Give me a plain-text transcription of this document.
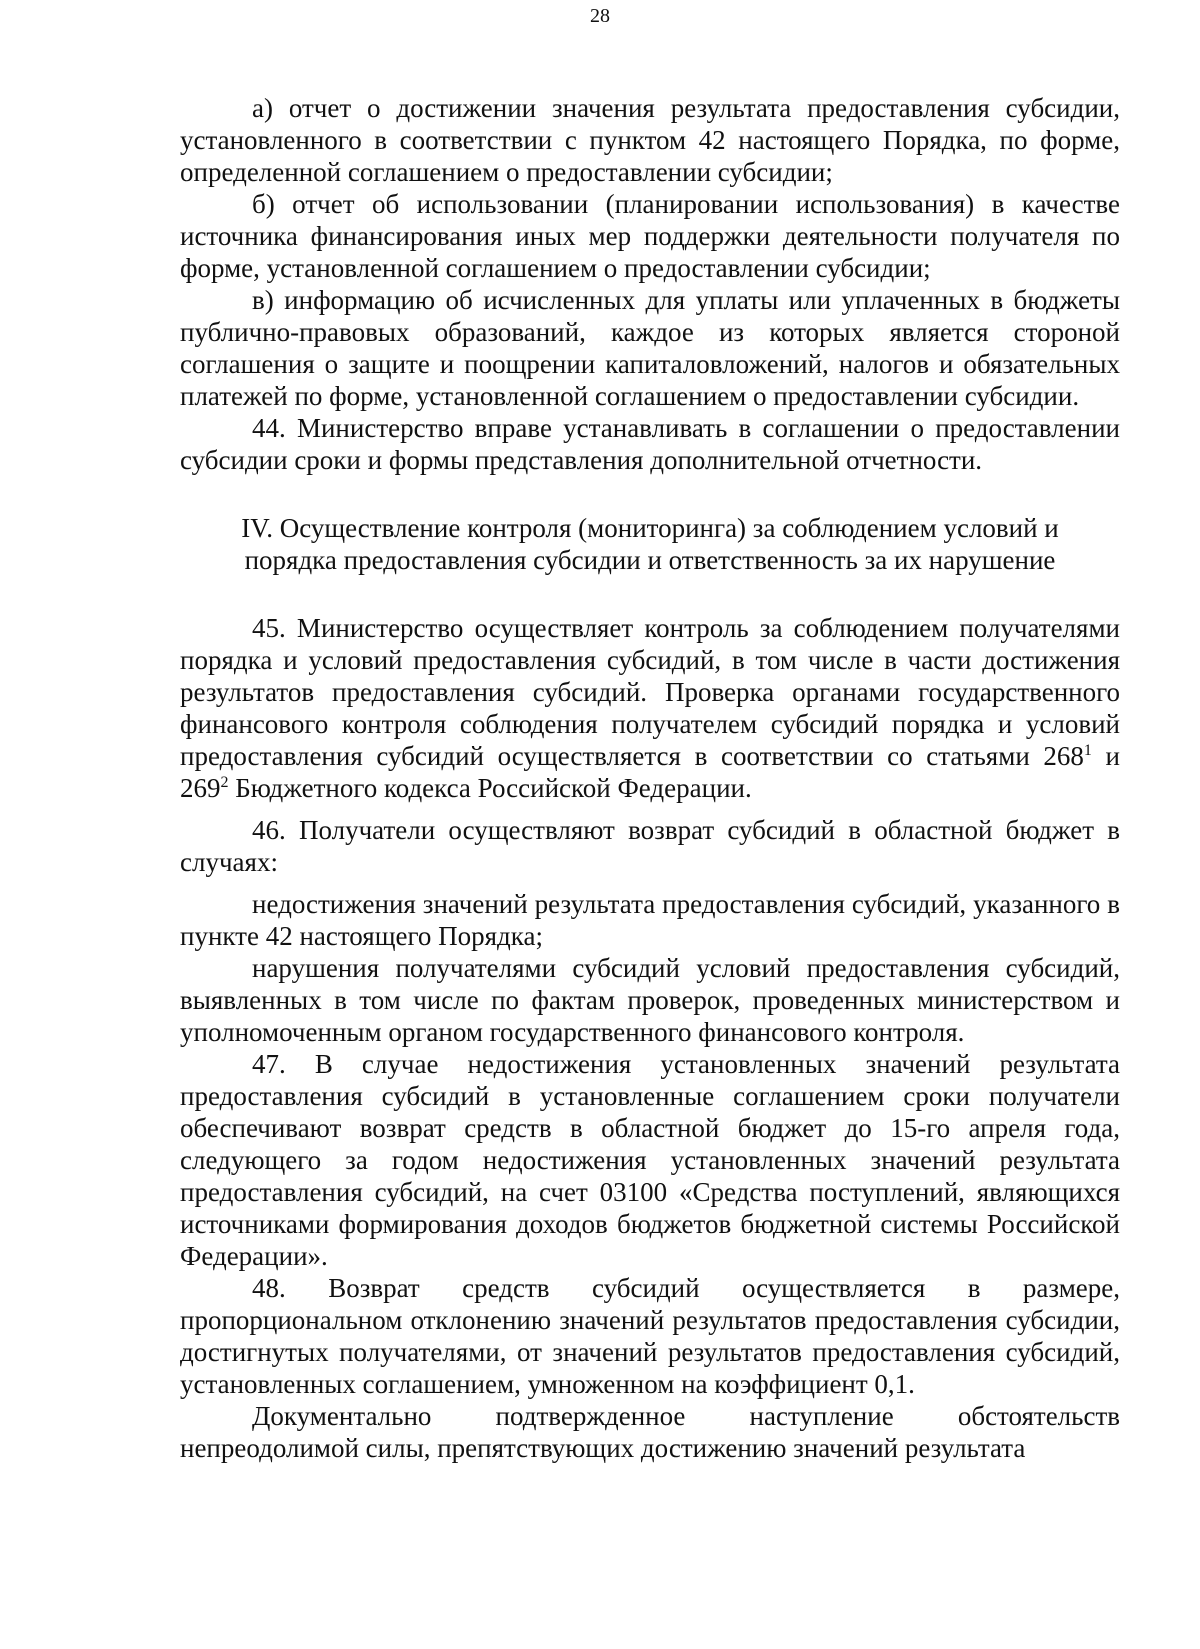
28

а) отчет о достижении значения результата предоставления субсидии, установленного в соответствии с пунктом 42 настоящего Порядка, по форме, определенной соглашением о предоставлении субсидии;

б) отчет об использовании (планировании использования) в качестве источника финансирования иных мер поддержки деятельности получателя по форме, установленной соглашением о предоставлении субсидии;

в) информацию об исчисленных для уплаты или уплаченных в бюджеты публично-правовых образований, каждое из которых является стороной соглашения о защите и поощрении капиталовложений, налогов и обязательных платежей по форме, установленной соглашением о предоставлении субсидии.

44. Министерство вправе устанавливать в соглашении о предоставлении субсидии сроки и формы представления дополнительной отчетности.

IV. Осуществление контроля (мониторинга) за соблюдением условий и
порядка предоставления субсидии и ответственность за их нарушение

45. Министерство осуществляет контроль за соблюдением получателями порядка и условий предоставления субсидий, в том числе в части достижения результатов предоставления субсидий. Проверка органами государственного финансового контроля соблюдения получателем субсидий порядка и условий предоставления субсидий осуществляется в соответствии со статьями $268^1$ и $269^2$ Бюджетного кодекса Российской Федерации.

46. Получатели осуществляют возврат субсидий в областной бюджет в случаях:

недостижения значений результата предоставления субсидий, указанного в пункте 42 настоящего Порядка;

нарушения получателями субсидий условий предоставления субсидий, выявленных в том числе по фактам проверок, проведенных министерством и уполномоченным органом государственного финансового контроля.

47. В случае недостижения установленных значений результата предоставления субсидий в установленные соглашением сроки получатели обеспечивают возврат средств в областной бюджет до 15-го апреля года, следующего за годом недостижения установленных значений результата предоставления субсидий, на счет 03100 «Средства поступлений, являющихся источниками формирования доходов бюджетов бюджетной системы Российской Федерации».

48. Возврат средств субсидий осуществляется в размере, пропорциональном отклонению значений результатов предоставления субсидии, достигнутых получателями, от значений результатов предоставления субсидий, установленных соглашением, умноженном на коэффициент 0,1.

Документально подтвержденное наступление обстоятельств непреодолимой силы, препятствующих достижению значений результата
